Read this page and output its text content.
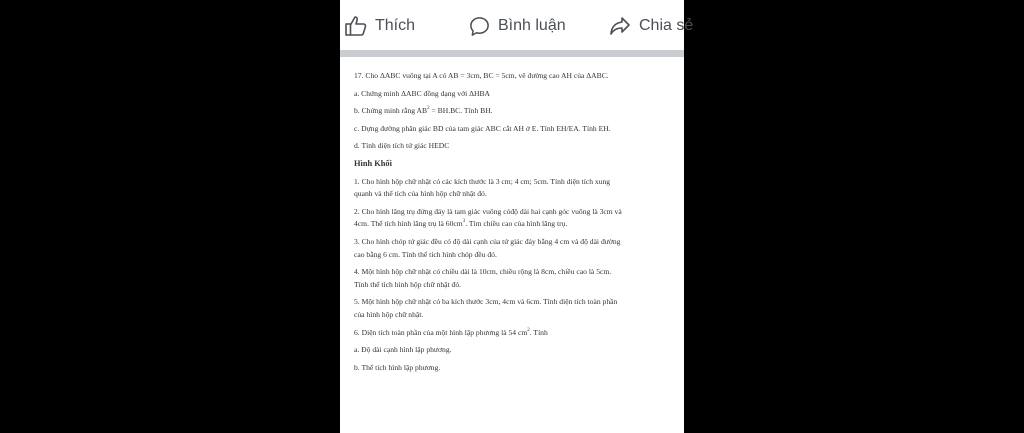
Thích	Bình luận	Chia sẻ
17. Cho ΔABC vuông tại A có AB = 3cm, BC = 5cm, vẽ đường cao AH của ΔABC.
a. Chứng minh ΔABC đồng dạng với ΔHBA
b. Chứng minh rằng $AB^2 = BH.BC$. Tính BH.
c. Dựng đường phân giác BD của tam giác ABC cắt AH ở E. Tính EH/EA. Tính EH.
d. Tính diện tích tứ giác HEDC
Hình Khối
1. Cho hình hộp chữ nhật có các kích thước là 3 cm; 4 cm; 5cm. Tính diện tích xung
quanh và thể tích của hình hộp chữ nhật đó.
2. Cho hình lăng trụ đứng đáy là tam giác vuông cóđộ dài hai cạnh góc vuông là 3cm và
4cm. Thể tích hình lăng trụ là $60cm^3$. Tìm chiều cao của hình lăng trụ.
3. Cho hình chóp tứ giác đều có độ dài cạnh của tứ giác đáy bằng 4 cm và độ dài đường
cao bằng 6 cm. Tính thể tích hình chóp đều đó.
4. Một hình hộp chữ nhật có chiều dài là 10cm, chiều rộng là 8cm, chiều cao là 5cm.
Tính thể tích hình hộp chữ nhật đó.
5. Một hình hộp chữ nhật có ba kích thước 3cm, 4cm và 6cm. Tính diện tích toàn phần
của hình hộp chữ nhật.
6. Diện tích toàn phần của một hình lập phương là 54 $cm^2$. Tính
a. Độ dài cạnh hình lập phương.
b. Thể tích hình lập phương.
